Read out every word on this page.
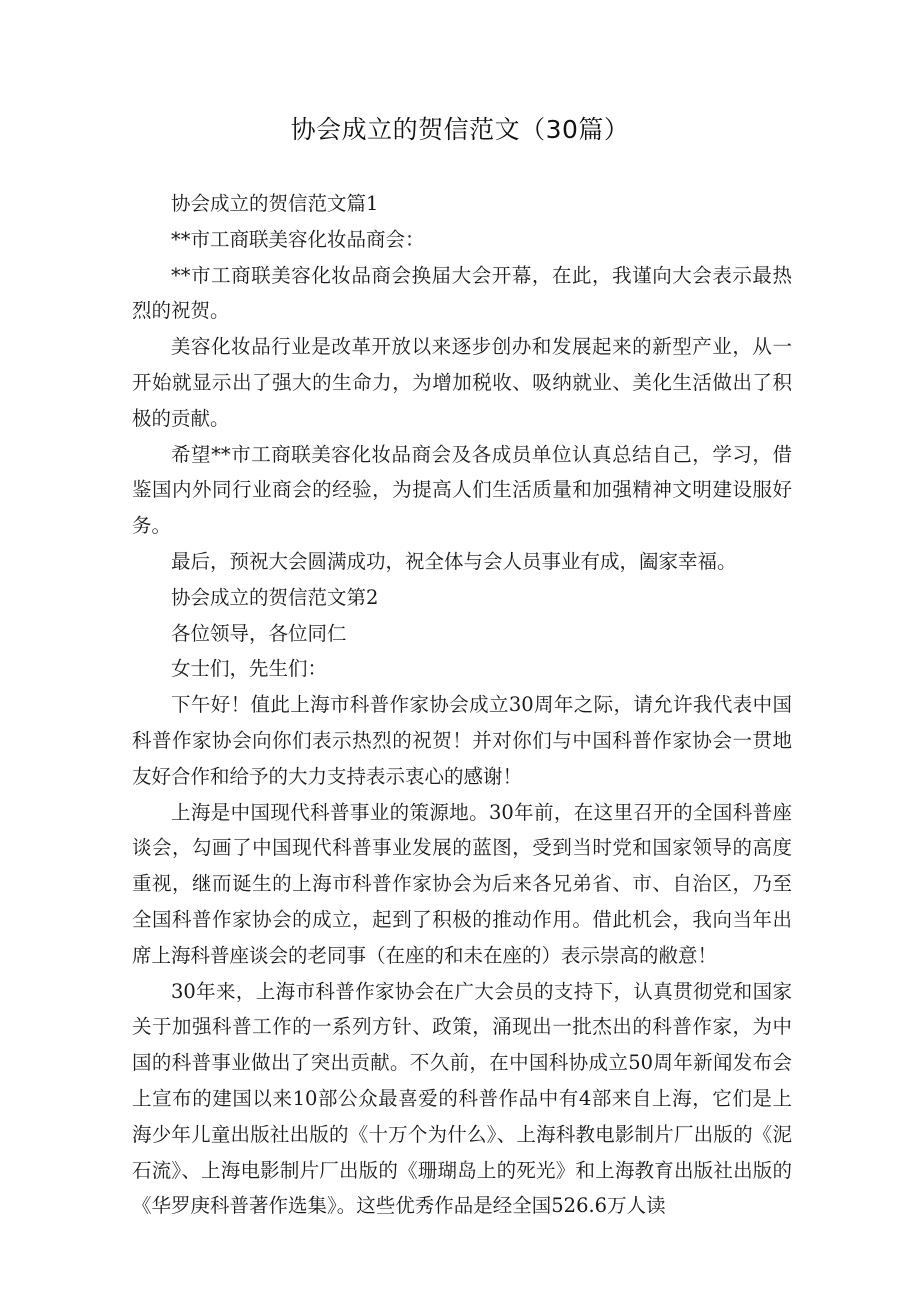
协会成立的贺信范文（30篇）

协会成立的贺信范文篇1

**市工商联美容化妆品商会：

**市工商联美容化妆品商会换届大会开幕，在此，我谨向大会表示最热烈的祝贺。

美容化妆品行业是改革开放以来逐步创办和发展起来的新型产业，从一开始就显示出了强大的生命力，为增加税收、吸纳就业、美化生活做出了积极的贡献。

希望**市工商联美容化妆品商会及各成员单位认真总结自己，学习，借鉴国内外同行业商会的经验，为提高人们生活质量和加强精神文明建设服好务。

最后，预祝大会圆满成功，祝全体与会人员事业有成，阖家幸福。

协会成立的贺信范文第2

各位领导，各位同仁

女士们，先生们：

下午好！值此上海市科普作家协会成立30周年之际，请允许我代表中国科普作家协会向你们表示热烈的祝贺！并对你们与中国科普作家协会一贯地友好合作和给予的大力支持表示衷心的感谢！

上海是中国现代科普事业的策源地。30年前，在这里召开的全国科普座谈会，勾画了中国现代科普事业发展的蓝图，受到当时党和国家领导的高度重视，继而诞生的上海市科普作家协会为后来各兄弟省、市、自治区，乃至全国科普作家协会的成立，起到了积极的推动作用。借此机会，我向当年出席上海科普座谈会的老同事（在座的和未在座的）表示崇高的敝意！

30年来，上海市科普作家协会在广大会员的支持下，认真贯彻党和国家关于加强科普工作的一系列方针、政策，涌现出一批杰出的科普作家，为中国的科普事业做出了突出贡献。不久前，在中国科协成立50周年新闻发布会上宣布的建国以来10部公众最喜爱的科普作品中有4部来自上海，它们是上海少年儿童出版社出版的《十万个为什么》、上海科教电影制片厂出版的《泥石流》、上海电影制片厂出版的《珊瑚岛上的死光》和上海教育出版社出版的《华罗庚科普著作选集》。这些优秀作品是经全国526.6万人读
